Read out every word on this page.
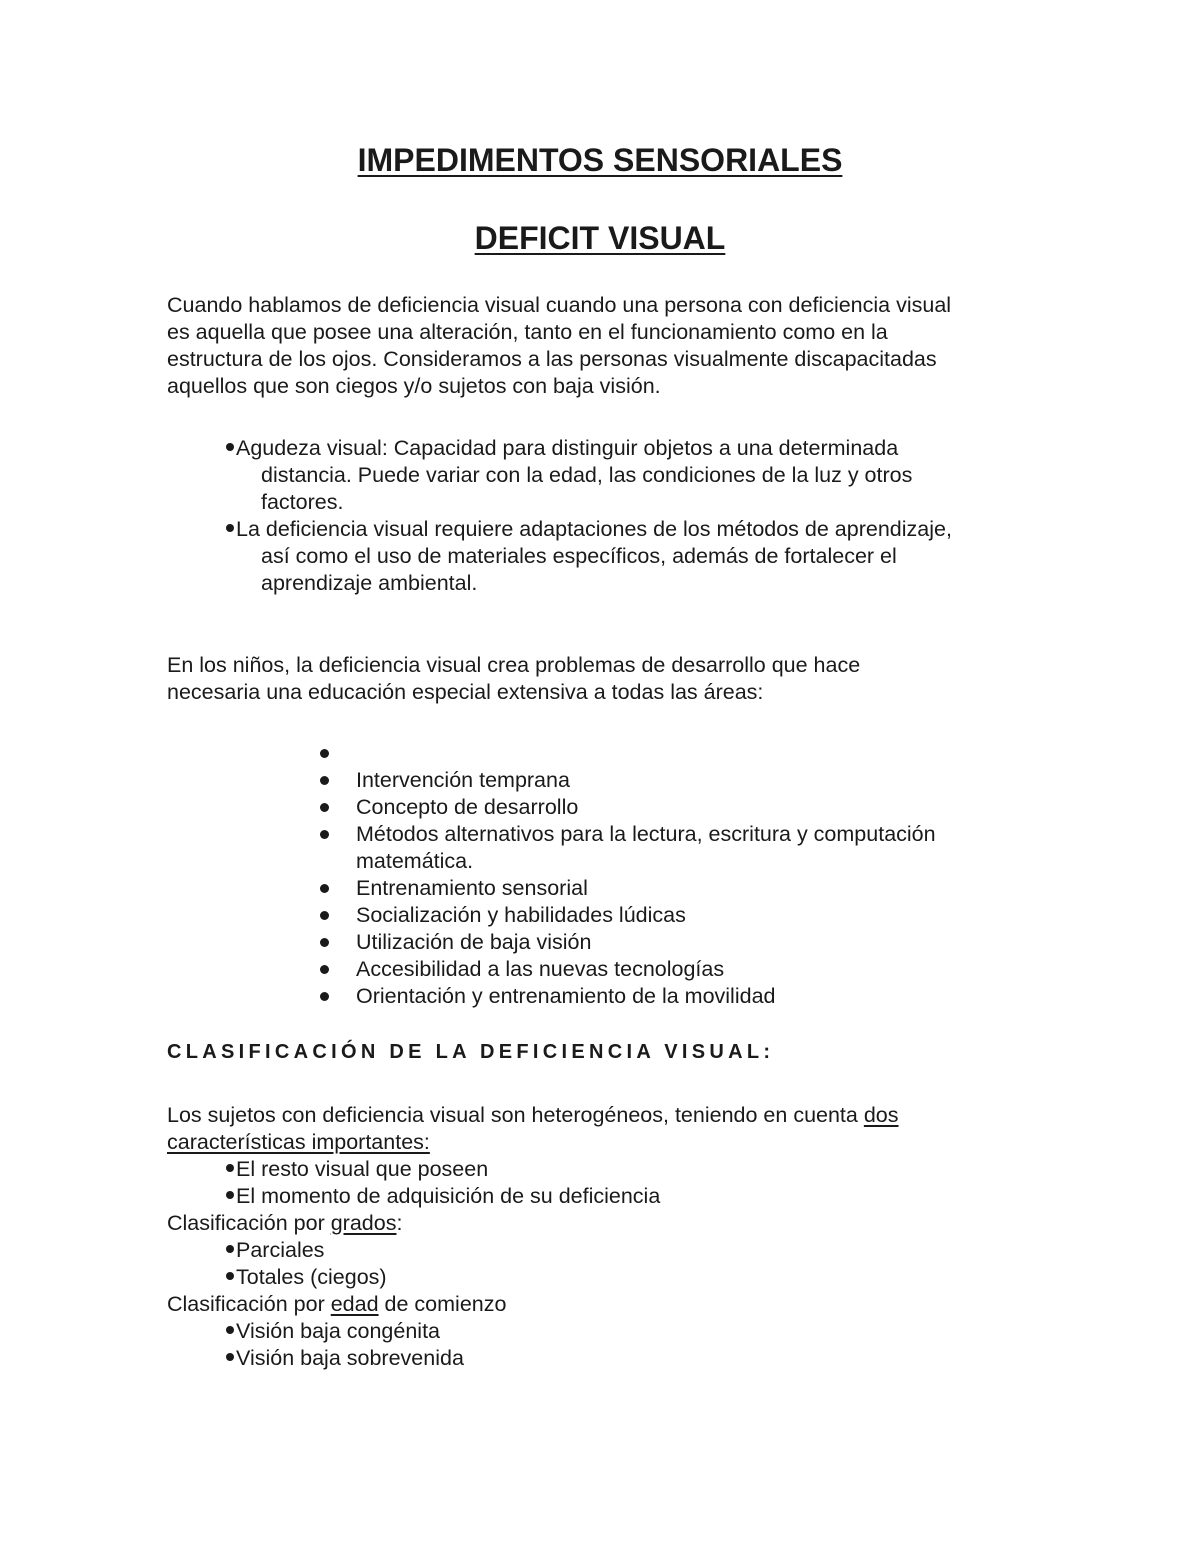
IMPEDIMENTOS SENSORIALES
DEFICIT VISUAL

Cuando hablamos de deficiencia visual cuando una persona con deficiencia visual

es aquella que posee una alteración, tanto en el funcionamiento como en la

estructura de los ojos. Consideramos a las personas visualmente discapacitadas

aquellos que son ciegos y/o sujetos con baja visión.

Agudeza visual: Capacidad para distinguir objetos a una determinada

distancia. Puede variar con la edad, las condiciones de la luz y otros

factores.

La deficiencia visual requiere adaptaciones de los métodos de aprendizaje,

así como el uso de materiales específicos, además de fortalecer el

aprendizaje ambiental.

En los niños, la deficiencia visual crea problemas de desarrollo que hace

necesaria una educación especial extensiva a todas las áreas:

Intervención temprana

Concepto de desarrollo

Métodos alternativos para la lectura, escritura y computación

matemática.

Entrenamiento sensorial

Socialización y habilidades lúdicas

Utilización de baja visión

Accesibilidad a las nuevas tecnologías

Orientación y entrenamiento de la movilidad

CLASIFICACIÓN DE LA DEFICIENCIA VISUAL:

Los sujetos con deficiencia visual son heterogéneos, teniendo en cuenta dos

características importantes:

El resto visual que poseen

El momento de adquisición de su deficiencia

Clasificación por grados:

Parciales

Totales (ciegos)

Clasificación por edad de comienzo

Visión baja congénita

Visión baja sobrevenida
